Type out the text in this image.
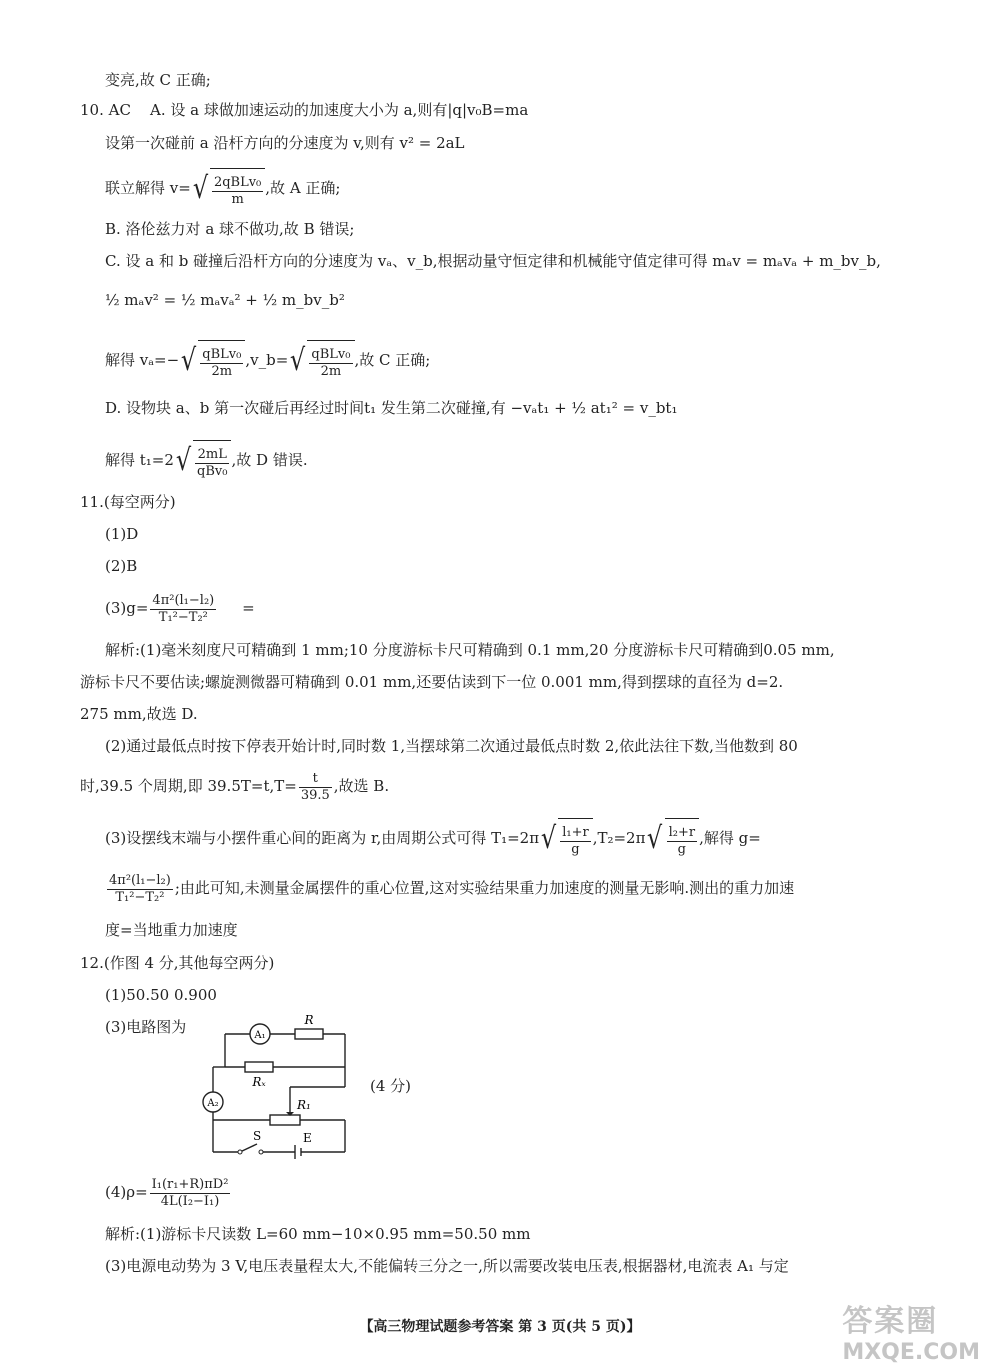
变亮,故 C 正确;
10. AC A. 设 a 球做加速运动的加速度大小为 a,则有|q|v₀B=ma
设第一次碰前 a 沿杆方向的分速度为 v,则有 v² = 2aL
联立解得 $v=√ \frac{\text{2qBLv₀}}{m}$ ,故 A 正确;
B. 洛伦兹力对 a 球不做功,故 B 错误;
C. 设 a 和 b 碰撞后沿杆方向的分速度为 vₐ、v_b,根据动量守恒定律和机械能守值定律可得 mₐv = mₐvₐ + m_bv_b,
½ mₐv² = ½ mₐvₐ² + ½ m_bv_b²
解得 $v_a=-√ \frac{\text{qBLv₀}}{2m}$ ,v_b=√ $\frac{\text{qBLv₀}}{2m}$ ,故 C 正确;
D. 设物块 a、b 第一次碰后再经过时间t₁ 发生第二次碰撞,有 −vₐt₁ + ½ at₁² = v_bt₁
解得 $t_1=2√ \frac{2mL}{\text{qBv₀}}$ ,故 D 错误.
11.(每空两分)
(1)D
(2)B
$(3)g= \frac{\text{4π²(l₁−l₂)}}{\text{T₁²−T₂²}}$ =
解析:(1)毫米刻度尺可精确到 1 mm;10 分度游标卡尺可精确到 0.1 mm,20 分度游标卡尺可精确到0.05 mm,
游标卡尺不要估读;螺旋测微器可精确到 0.01 mm,还要估读到下一位 0.001 mm,得到摆球的直径为 d=2.
275 mm,故选 D.
(2)通过最低点时按下停表开始计时,同时数 1,当摆球第二次通过最低点时数 2,依此法往下数,当他数到 80
时,39.5 个周期,即 $39.5T=t,T= \frac{t}{39.5}$ ,故选 B.
(3)设摆线末端与小摆件重心间的距离为 r,由周期公式可得 $T_1=2\pi√ \frac{\text{l₁+r}}{g} ,T_2=2\pi√ \frac{\text{l₂+r}}{g}$ ,解得 g=
$\frac{\text{4π²(l₁−l₂)}}{\text{T₁²−T₂²}}$ ;由此可知,未测量金属摆件的重心位置,这对实验结果重力加速度的测量无影响.测出的重力加速
度=当地重力加速度
12.(作图 4 分,其他每空两分)
(1)50.50 0.900
(3)电路图为	A₁
A₂
R
Rₓ
R₁
S	E
(4 分)
$(4)\rho= \frac{\text{I₁(r₁+R)πD²}}{\text{4L(I₂−I₁)}}$
解析:(1)游标卡尺读数 L=60 mm−10×0.95 mm=50.50 mm
(3)电源电动势为 3 V,电压表量程太大,不能偏转三分之一,所以需要改装电压表,根据器材,电流表 A₁ 与定
【高三物理试题参考答案 第 3 页(共 5 页)】	答案圈
MXQE.COM
